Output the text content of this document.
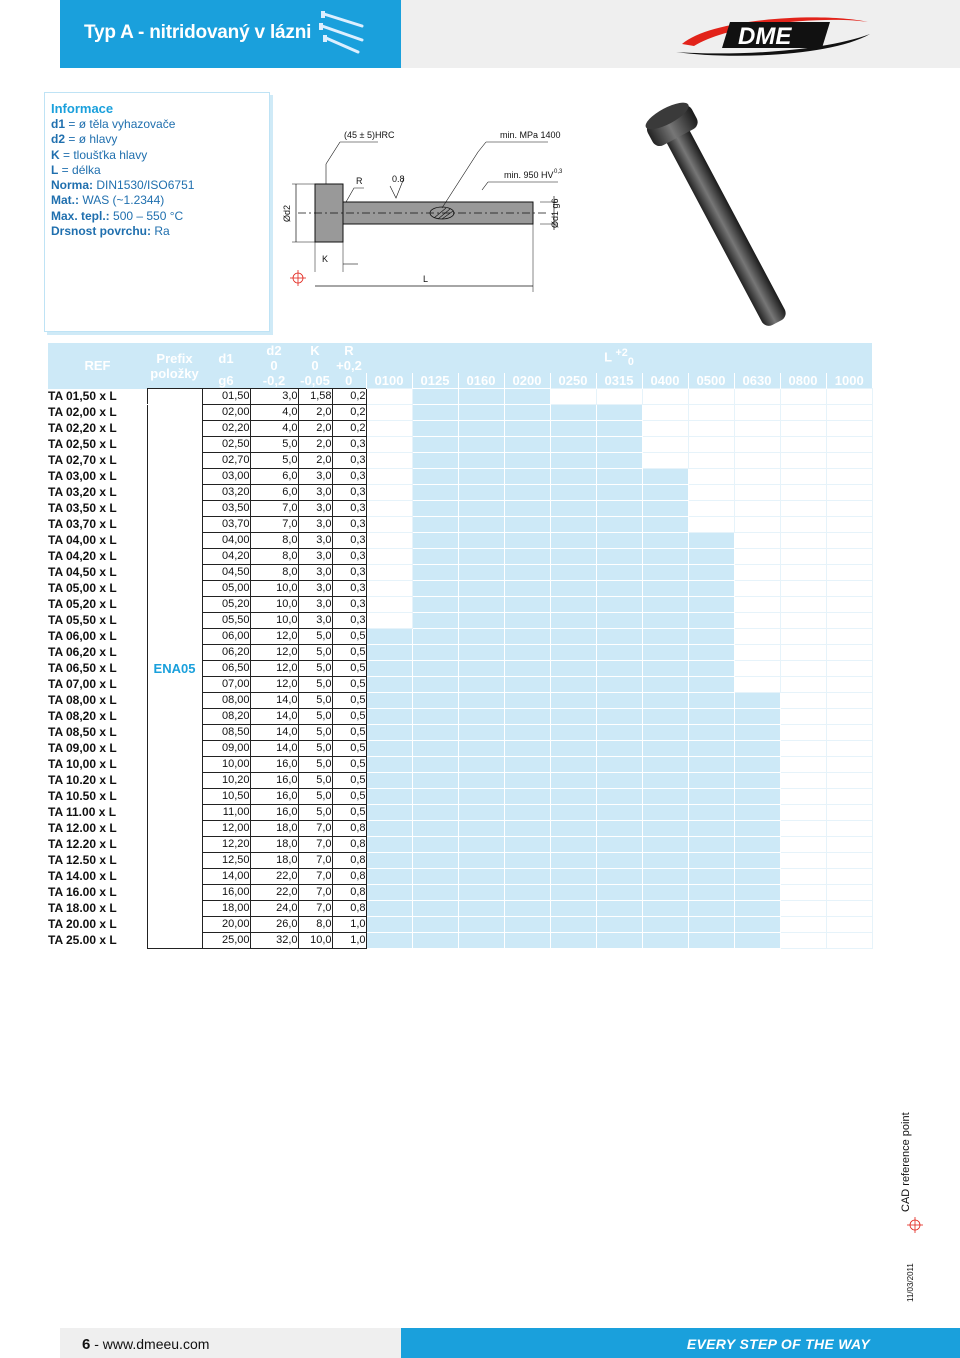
Typ A - nitridovaný v lázni	DME
Informace
d1 = ø těla vyhazovače
d2 = ø hlavy
K = tloušťka hlavy
L = délka
Norma: DIN1530/ISO6751
Mat.: WAS (~1.2344)
Max. tepl.: 500 – 550 °C
Drsnost povrchu: Ra
Ød2
(45 ± 5)HRC
R	0.8
min. MPa 1400
min. 950 HV 0,3
Ød1 g6
K
L
REF	Prefix položky	d1	d2
0	K
0	R
+0,2	L $^{+2}_0$
		g6	-0,2	-0,05	0	0100	0125	0160	0200	0250	0315	0400	0500	0630	0800	1000
TA 01,50 x L	ENA05	01,50	3,0	1,58	0,2											
TA 02,00 x L		02,00	4,0	2,0	0,2											
TA 02,20 x L		02,20	4,0	2,0	0,2											
TA 02,50 x L		02,50	5,0	2,0	0,3											
TA 02,70 x L		02,70	5,0	2,0	0,3											
TA 03,00 x L		03,00	6,0	3,0	0,3											
TA 03,20 x L		03,20	6,0	3,0	0,3											
TA 03,50 x L		03,50	7,0	3,0	0,3											
TA 03,70 x L		03,70	7,0	3,0	0,3											
TA 04,00 x L		04,00	8,0	3,0	0,3											
TA 04,20 x L		04,20	8,0	3,0	0,3											
TA 04,50 x L		04,50	8,0	3,0	0,3											
TA 05,00 x L		05,00	10,0	3,0	0,3											
TA 05,20 x L		05,20	10,0	3,0	0,3											
TA 05,50 x L		05,50	10,0	3,0	0,3											
TA 06,00 x L		06,00	12,0	5,0	0,5											
TA 06,20 x L		06,20	12,0	5,0	0,5											
TA 06,50 x L		06,50	12,0	5,0	0,5											
TA 07,00 x L		07,00	12,0	5,0	0,5											
TA 08,00 x L		08,00	14,0	5,0	0,5											
TA 08,20 x L		08,20	14,0	5,0	0,5											
TA 08,50 x L		08,50	14,0	5,0	0,5											
TA 09,00 x L		09,00	14,0	5,0	0,5											
TA 10,00 x L		10,00	16,0	5,0	0,5											
TA 10.20 x L		10,20	16,0	5,0	0,5											
TA 10.50 x L		10,50	16,0	5,0	0,5											
TA 11.00 x L		11,00	16,0	5,0	0,5											
TA 12.00 x L		12,00	18,0	7,0	0,8											
TA 12.20 x L		12,20	18,0	7,0	0,8											
TA 12.50 x L		12,50	18,0	7,0	0,8											
TA 14.00 x L		14,00	22,0	7,0	0,8											
TA 16.00 x L		16,00	22,0	7,0	0,8											
TA 18.00 x L		18,00	24,0	7,0	0,8											
TA 20.00 x L		20,00	26,0	8,0	1,0											
TA 25.00 x L		25,00	32,0	10,0	1,0											
CAD reference point
11/03/2011
6 - www.dmeeu.com	EVERY STEP OF THE WAY
